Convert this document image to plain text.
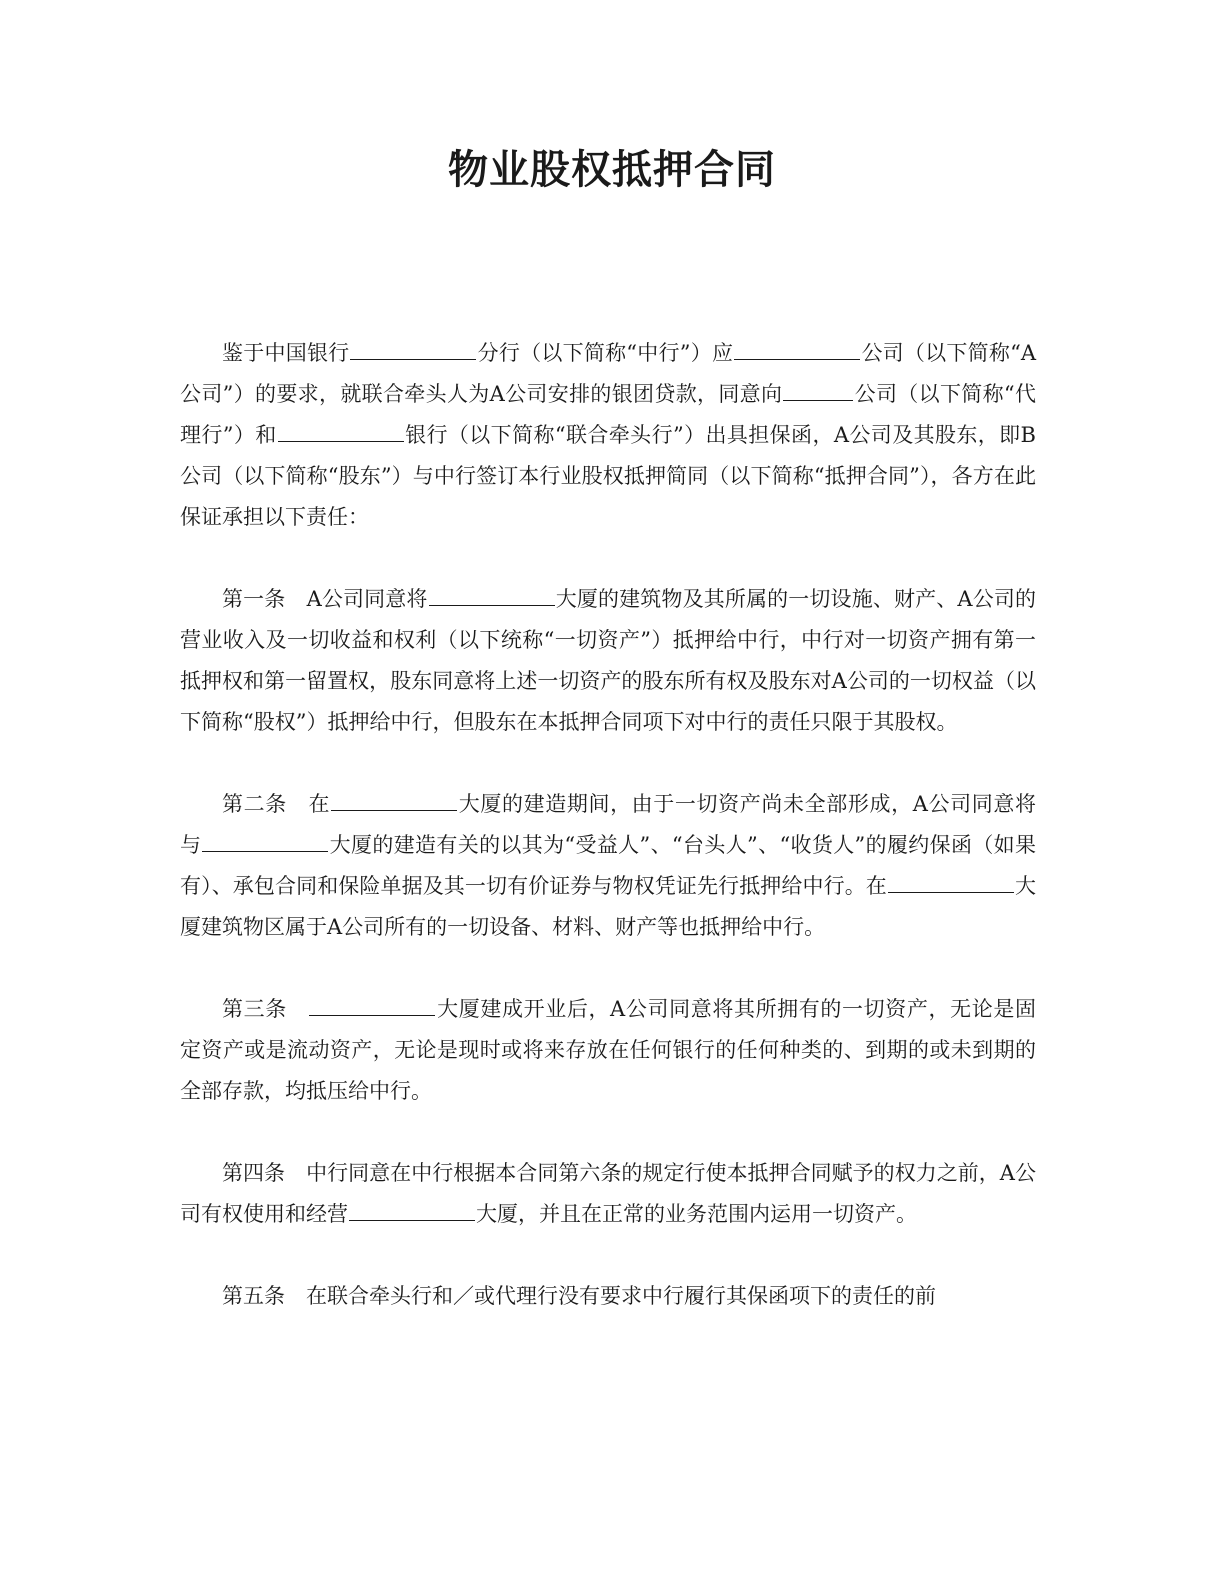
物业股权抵押合同

鉴于中国银行	分行（以下简称“中行”）应	公司（以下简称“A公司”）的要求，就联合牵头人为A公司安排的银团贷款，同意向	公司（以下简称“代理行”）和	银行（以下简称“联合牵头行”）出具担保函，A公司及其股东，即B公司（以下简称“股东”）与中行签订本行业股权抵押简同（以下简称“抵押合同”），各方在此保证承担以下责任：

第一条　A公司同意将	大厦的建筑物及其所属的一切设施、财产、A公司的营业收入及一切收益和权利（以下统称“一切资产”）抵押给中行，中行对一切资产拥有第一抵押权和第一留置权，股东同意将上述一切资产的股东所有权及股东对A公司的一切权益（以下简称“股权”）抵押给中行，但股东在本抵押合同项下对中行的责任只限于其股权。

第二条　在	大厦的建造期间，由于一切资产尚未全部形成，A公司同意将与	大厦的建造有关的以其为“受益人”、“台头人”、“收货人”的履约保函（如果有）、承包合同和保险单据及其一切有价证券与物权凭证先行抵押给中行。在	大厦建筑物区属于A公司所有的一切设备、材料、财产等也抵押给中行。

第三条　	大厦建成开业后，A公司同意将其所拥有的一切资产，无论是固定资产或是流动资产，无论是现时或将来存放在任何银行的任何种类的、到期的或未到期的全部存款，均抵压给中行。

第四条　中行同意在中行根据本合同第六条的规定行使本抵押合同赋予的权力之前，A公司有权使用和经营	大厦，并且在正常的业务范围内运用一切资产。

第五条　在联合牵头行和／或代理行没有要求中行履行其保函项下的责任的前
